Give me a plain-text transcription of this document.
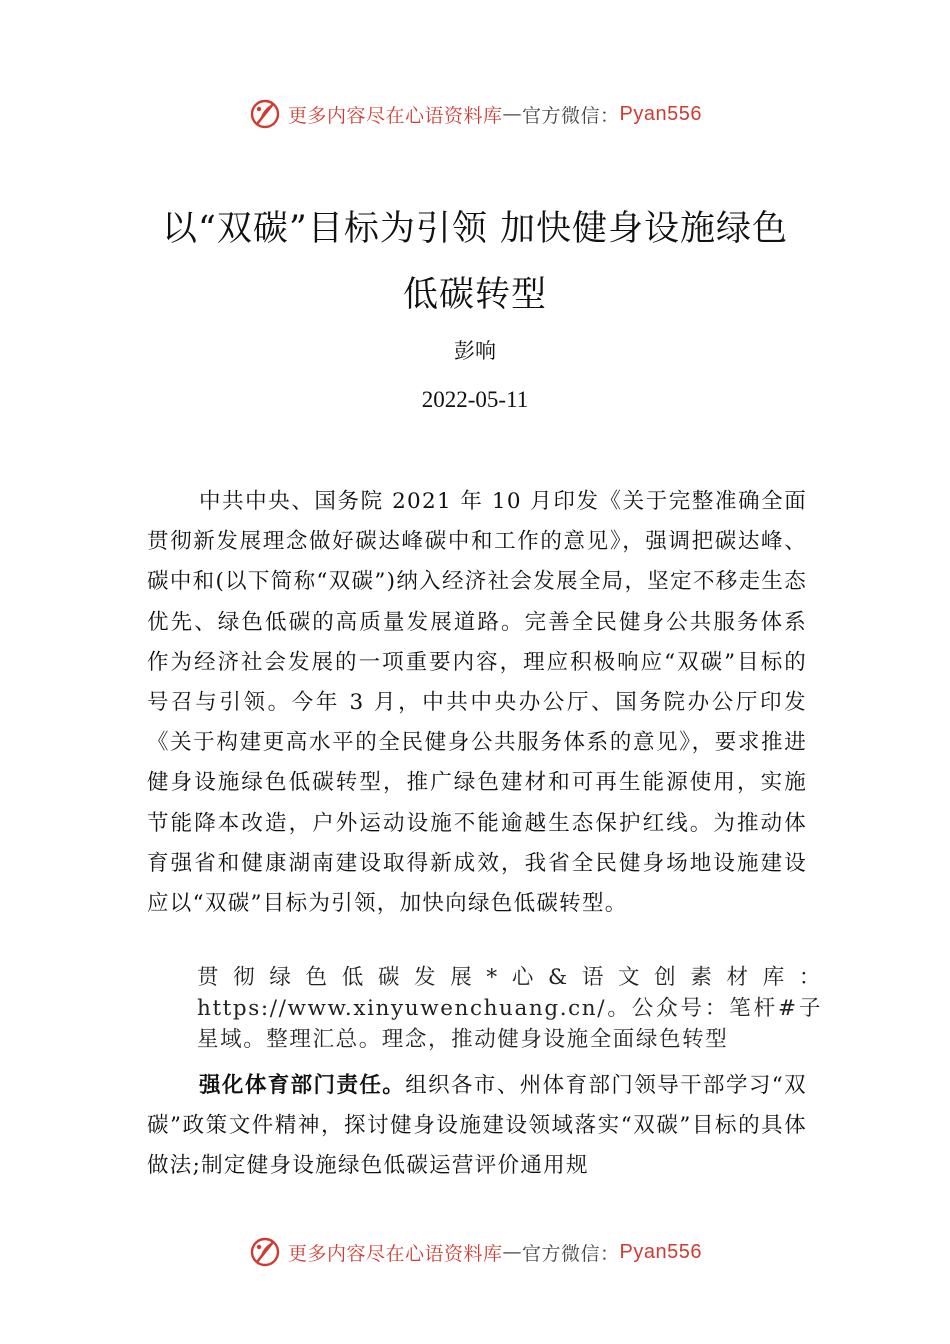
更多内容尽在心语资料库 — 官方微信： Pyan556
以“双碳”目标为引领 加快健身设施绿色
低碳转型
彭响
2022-05-11

中共中央、国务院 2021 年 10 月印发《关于完整准确全面贯彻新发展理念做好碳达峰碳中和工作的意见》，强调把碳达峰、碳中和(以下简称“双碳”)纳入经济社会发展全局，坚定不移走生态优先、绿色低碳的高质量发展道路。完善全民健身公共服务体系作为经济社会发展的一项重要内容，理应积极响应“双碳”目标的号召与引领。今年 3 月，中共中央办公厅、国务院办公厅印发《关于构建更高水平的全民健身公共服务体系的意见》，要求推进健身设施绿色低碳转型，推广绿色建材和可再生能源使用，实施节能降本改造，户外运动设施不能逾越生态保护红线。为推动体育强省和健康湖南建设取得新成效，我省全民健身场地设施建设应以“双碳”目标为引领，加快向绿色低碳转型。

贯彻绿色低碳发展*心&语文创素材库：https://www.xinyuwenchuang.cn/。公众号：笔杆#子星域。整理汇总。理念，推动健身设施全面绿色转型

强化体育部门责任。组织各市、州体育部门领导干部学习“双碳”政策文件精神，探讨健身设施建设领域落实“双碳”目标的具体做法;制定健身设施绿色低碳运营评价通用规

更多内容尽在心语资料库 — 官方微信： Pyan556
